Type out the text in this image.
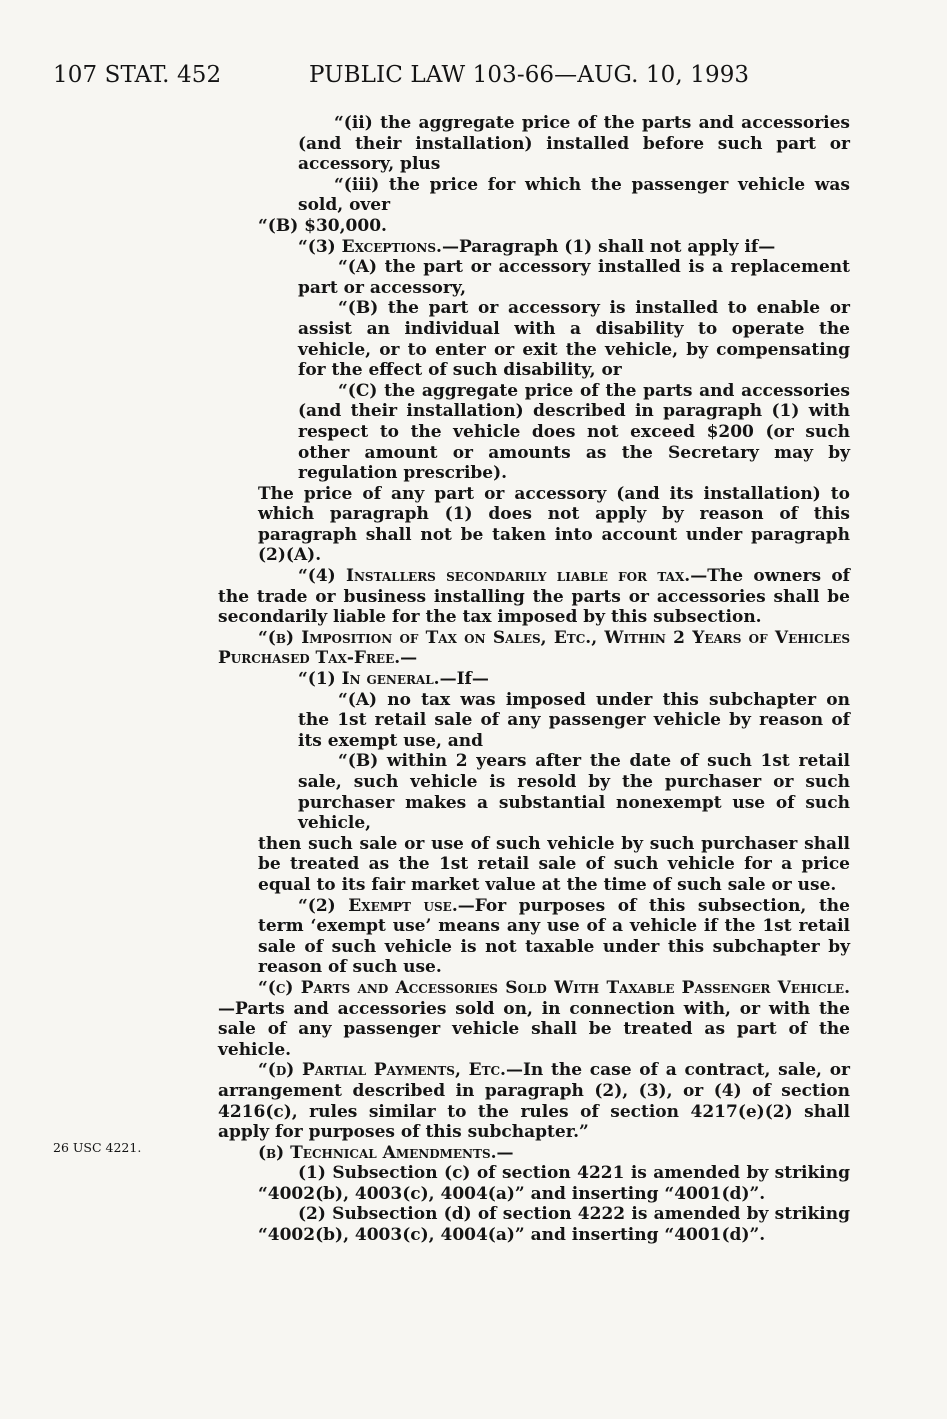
107 STAT. 452	PUBLIC LAW 103-66—AUG. 10, 1993
26 USC 4221.

“(ii) the aggregate price of the parts and accessories (and their installation) installed before such part or accessory, plus

“(iii) the price for which the passenger vehicle was sold, over

“(B) $30,000.

“(3) Exceptions.—Paragraph (1) shall not apply if—

“(A) the part or accessory installed is a replacement part or accessory,

“(B) the part or accessory is installed to enable or assist an individual with a disability to operate the vehicle, or to enter or exit the vehicle, by compensating for the effect of such disability, or

“(C) the aggregate price of the parts and accessories (and their installation) described in paragraph (1) with respect to the vehicle does not exceed $200 (or such other amount or amounts as the Secretary may by regulation prescribe).

The price of any part or accessory (and its installation) to which paragraph (1) does not apply by reason of this paragraph shall not be taken into account under paragraph (2)(A).

“(4) Installers secondarily liable for tax.—The owners of the trade or business installing the parts or accessories shall be secondarily liable for the tax imposed by this subsection.

“(b) Imposition of Tax on Sales, Etc., Within 2 Years of Vehicles Purchased Tax-Free.—

“(1) In general.—If—

“(A) no tax was imposed under this subchapter on the 1st retail sale of any passenger vehicle by reason of its exempt use, and

“(B) within 2 years after the date of such 1st retail sale, such vehicle is resold by the purchaser or such purchaser makes a substantial nonexempt use of such vehicle,

then such sale or use of such vehicle by such purchaser shall be treated as the 1st retail sale of such vehicle for a price equal to its fair market value at the time of such sale or use.

“(2) Exempt use.—For purposes of this subsection, the term ‘exempt use’ means any use of a vehicle if the 1st retail sale of such vehicle is not taxable under this subchapter by reason of such use.

“(c) Parts and Accessories Sold With Taxable Passenger Vehicle.—Parts and accessories sold on, in connection with, or with the sale of any passenger vehicle shall be treated as part of the vehicle.

“(d) Partial Payments, Etc.—In the case of a contract, sale, or arrangement described in paragraph (2), (3), or (4) of section 4216(c), rules similar to the rules of section 4217(e)(2) shall apply for purposes of this subchapter.”

(b) Technical Amendments.—

(1) Subsection (c) of section 4221 is amended by striking “4002(b), 4003(c), 4004(a)” and inserting “4001(d)”.

(2) Subsection (d) of section 4222 is amended by striking “4002(b), 4003(c), 4004(a)” and inserting “4001(d)”.
